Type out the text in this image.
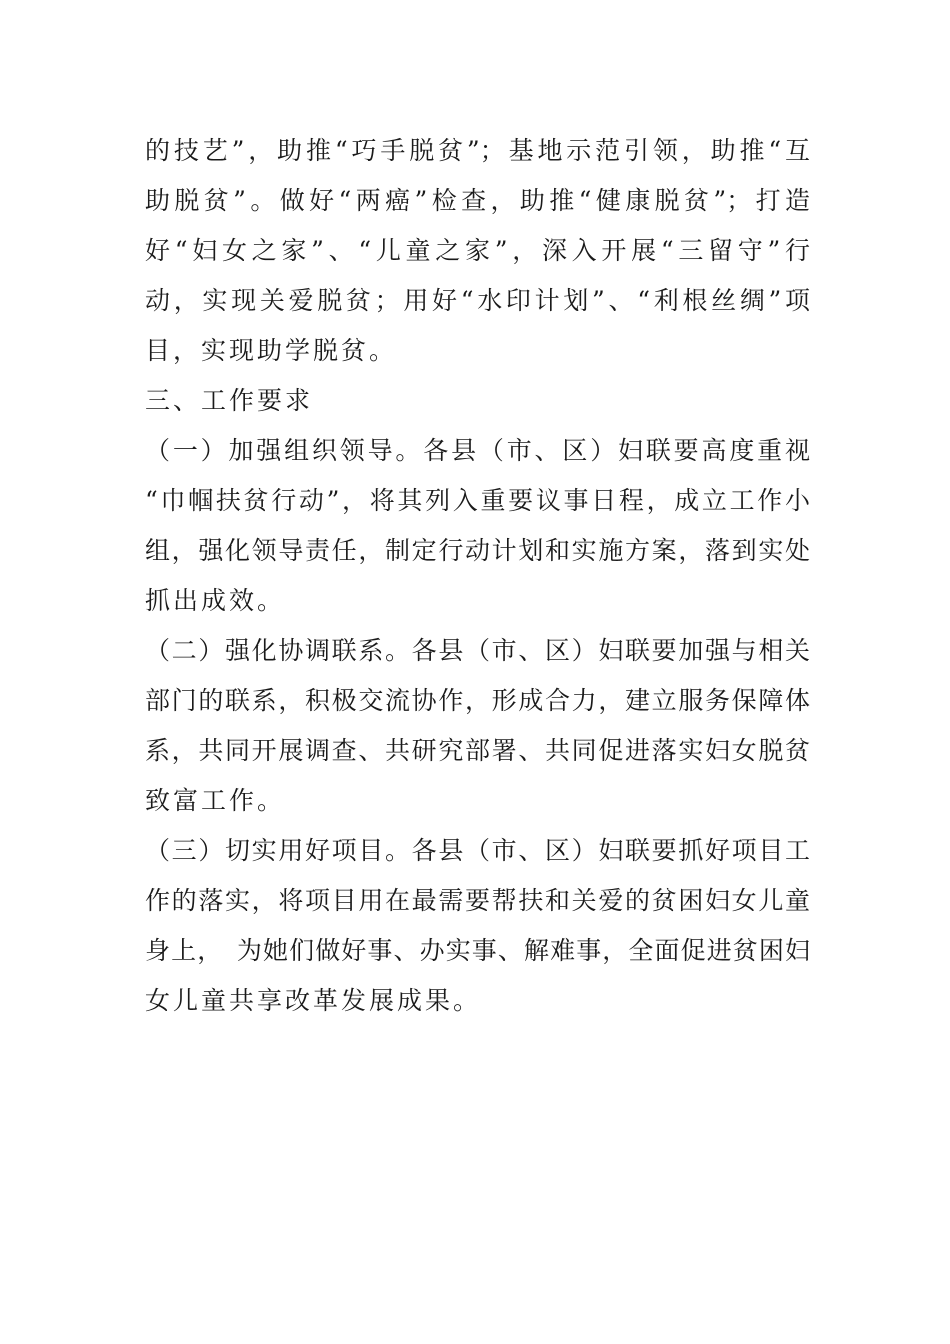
的技艺”，助推“巧手脱贫”；基地示范引领，助推“互
助脱贫”。做好“两癌”检查，助推“健康脱贫”；打造
好“妇女之家”、“儿童之家”，深入开展“三留守”行
动，实现关爱脱贫；用好“水印计划”、“利根丝绸”项
目，实现助学脱贫。
三、工作要求
（一）加强组织领导。各县（市、区）妇联要高度重视
“巾帼扶贫行动”，将其列入重要议事日程，成立工作小
组，强化领导责任，制定行动计划和实施方案，落到实处
抓出成效。
（二）强化协调联系。各县（市、区）妇联要加强与相关
部门的联系，积极交流协作，形成合力，建立服务保障体
系，共同开展调查、共研究部署、共同促进落实妇女脱贫
致富工作。
（三）切实用好项目。各县（市、区）妇联要抓好项目工
作的落实，将项目用在最需要帮扶和关爱的贫困妇女儿童
身上，　为她们做好事、办实事、解难事，全面促进贫困妇
女儿童共享改革发展成果。
